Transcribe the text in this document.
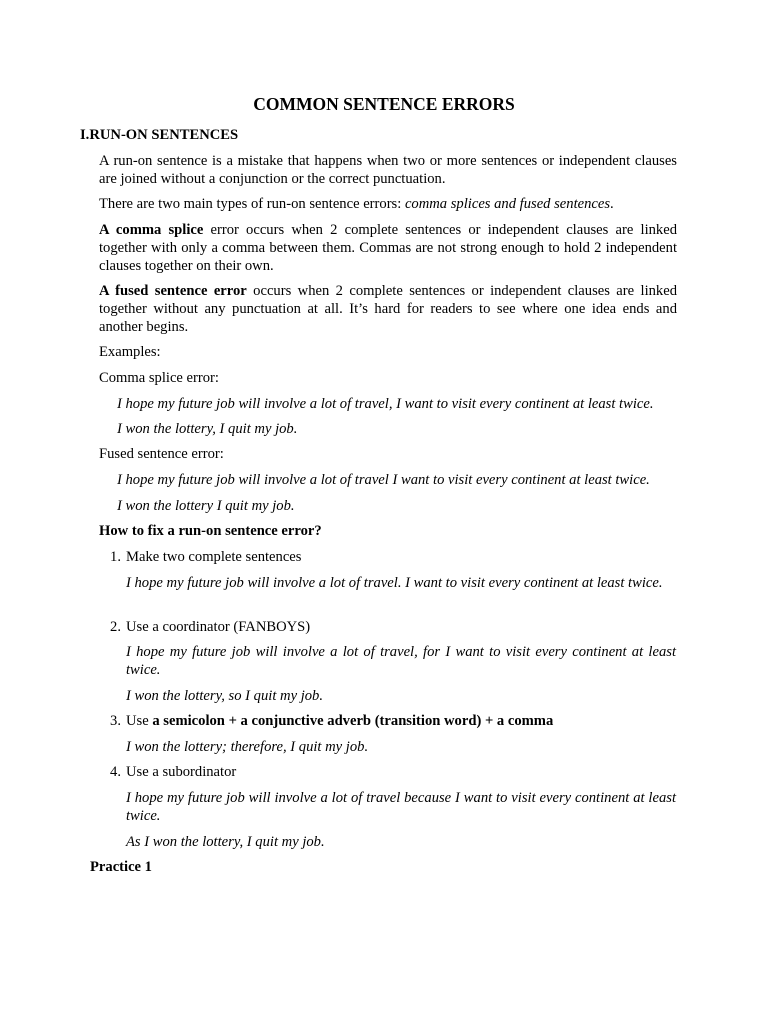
COMMON SENTENCE ERRORS
I.RUN-ON SENTENCES

A run-on sentence is a mistake that happens when two or more sentences or independent clauses are joined without a conjunction or the correct punctuation.

There are two main types of run-on sentence errors: comma splices and fused sentences.

A comma splice error occurs when 2 complete sentences or independent clauses are linked together with only a comma between them. Commas are not strong enough to hold 2 independent clauses together on their own.

A fused sentence error occurs when 2 complete sentences or independent clauses are linked together without any punctuation at all. It’s hard for readers to see where one idea ends and another begins.

Examples:

Comma splice error:

I hope my future job will involve a lot of travel, I want to visit every continent at least twice.

I won the lottery, I quit my job.

Fused sentence error:

I hope my future job will involve a lot of travel I want to visit every continent at least twice.

I won the lottery I quit my job.

How to fix a run-on sentence error?

1. Make two complete sentences

I hope my future job will involve a lot of travel. I want to visit every continent at least twice.

2. Use a coordinator (FANBOYS)

I hope my future job will involve a lot of travel, for I want to visit every continent at least twice.

I won the lottery, so I quit my job.

3. Use a semicolon + a conjunctive adverb (transition word) + a comma

I won the lottery; therefore, I quit my job.

4. Use a subordinator

I hope my future job will involve a lot of travel because I want to visit every continent at least twice.

As I won the lottery, I quit my job.

Practice 1
